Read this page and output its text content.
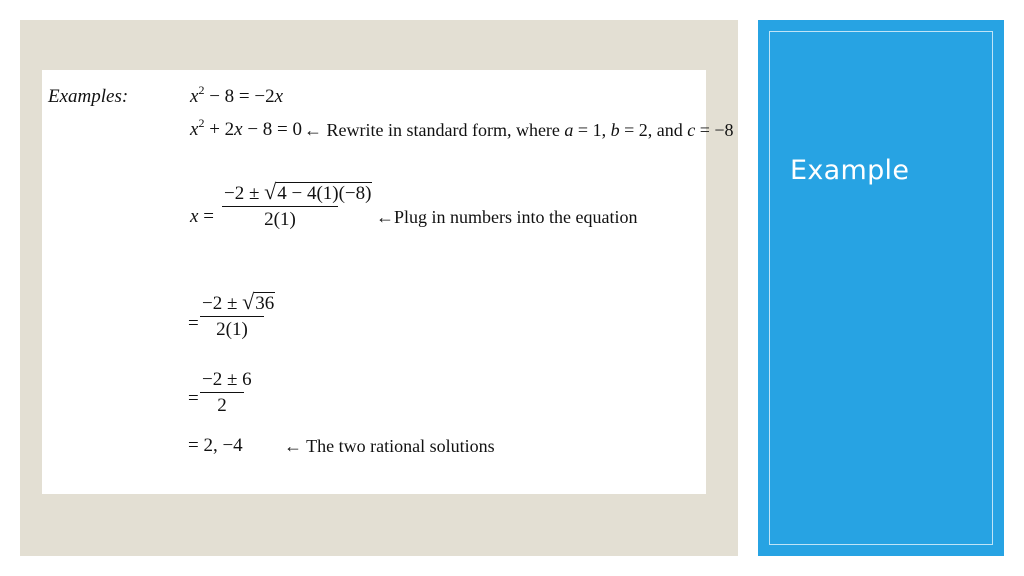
Examples:	$x^2 - 8 = -2x$
$x^2 + 2x - 8 = 0$ ← Rewrite in standard form, where a = 1, b = 2, and c = −8
$x = \frac{-2 \pm √4 - 4(1)(-8)}{2(1)}$ ←Plug in numbers into the equation
= $\frac{-2 \pm √36}{2(1)}$
= $\frac{-2 \pm 6}{2}$
= 2, −4 ← The two rational solutions
Example
